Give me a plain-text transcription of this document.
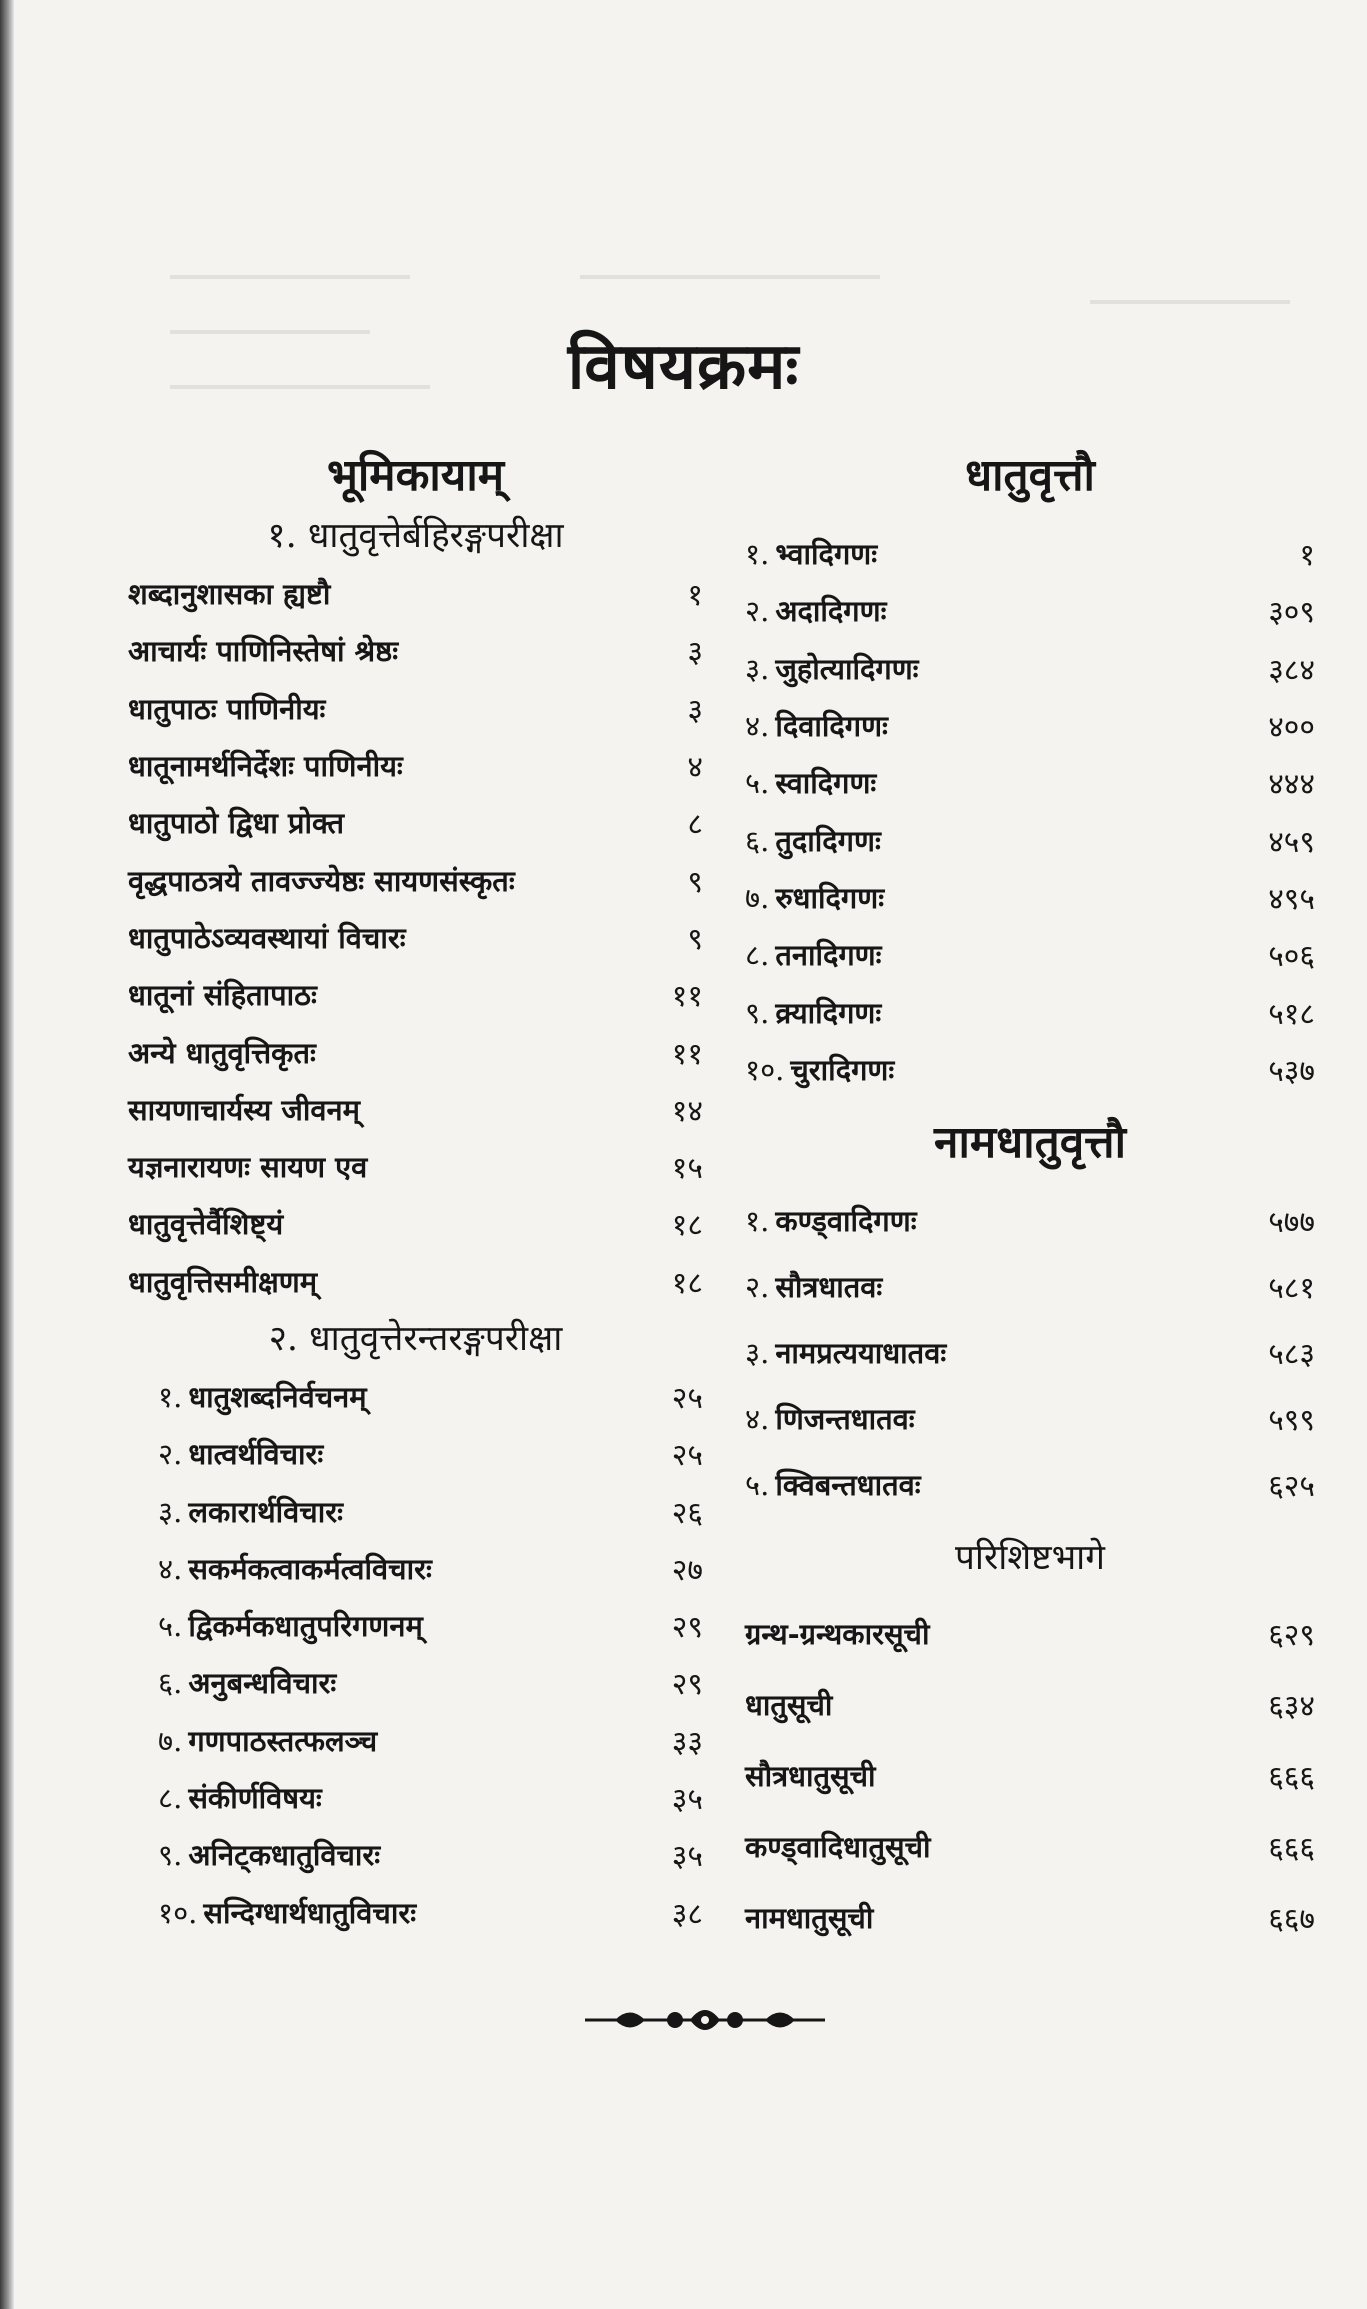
विषयक्रमः
भूमिकायाम्
१. धातुवृत्तेर्बहिरङ्गपरीक्षा
शब्दानुशासका ह्यष्टौ	१
आचार्यः पाणिनिस्तेषां श्रेष्ठः	३
धातुपाठः पाणिनीयः	३
धातूनामर्थनिर्देशः पाणिनीयः	४
धातुपाठो द्विधा प्रोक्त	८
वृद्धपाठत्रये तावज्ज्येष्ठः सायणसंस्कृतः	९
धातुपाठेऽव्यवस्थायां विचारः	९
धातूनां संहितापाठः	११
अन्ये धातुवृत्तिकृतः	११
सायणाचार्यस्य जीवनम्	१४
यज्ञनारायणः सायण एव	१५
धातुवृत्तेर्वैशिष्ट्यं	१८
धातुवृत्तिसमीक्षणम्	१८
२. धातुवृत्तेरन्तरङ्गपरीक्षा
१. धातुशब्दनिर्वचनम्	२५
२. धात्वर्थविचारः	२५
३. लकारार्थविचारः	२६
४. सकर्मकत्वाकर्मत्वविचारः	२७
५. द्विकर्मकधातुपरिगणनम्	२९
६. अनुबन्धविचारः	२९
७. गणपाठस्तत्फलञ्च	३३
८. संकीर्णविषयः	३५
९. अनिट्कधातुविचारः	३५
१०. सन्दिग्धार्थधातुविचारः	३८
धातुवृत्तौ
१. भ्वादिगणः	१
२. अदादिगणः	३०९
३. जुहोत्यादिगणः	३८४
४. दिवादिगणः	४००
५. स्वादिगणः	४४४
६. तुदादिगणः	४५९
७. रुधादिगणः	४९५
८. तनादिगणः	५०६
९. क्र्यादिगणः	५१८
१०. चुरादिगणः	५३७
नामधातुवृत्तौ
१. कण्ड्वादिगणः	५७७
२. सौत्रधातवः	५८१
३. नामप्रत्ययाधातवः	५८३
४. णिजन्तधातवः	५९९
५. क्विबन्तधातवः	६२५
परिशिष्टभागे
ग्रन्थ-ग्रन्थकारसूची	६२९
धातुसूची	६३४
सौत्रधातुसूची	६६६
कण्ड्वादिधातुसूची	६६६
नामधातुसूची	६६७
